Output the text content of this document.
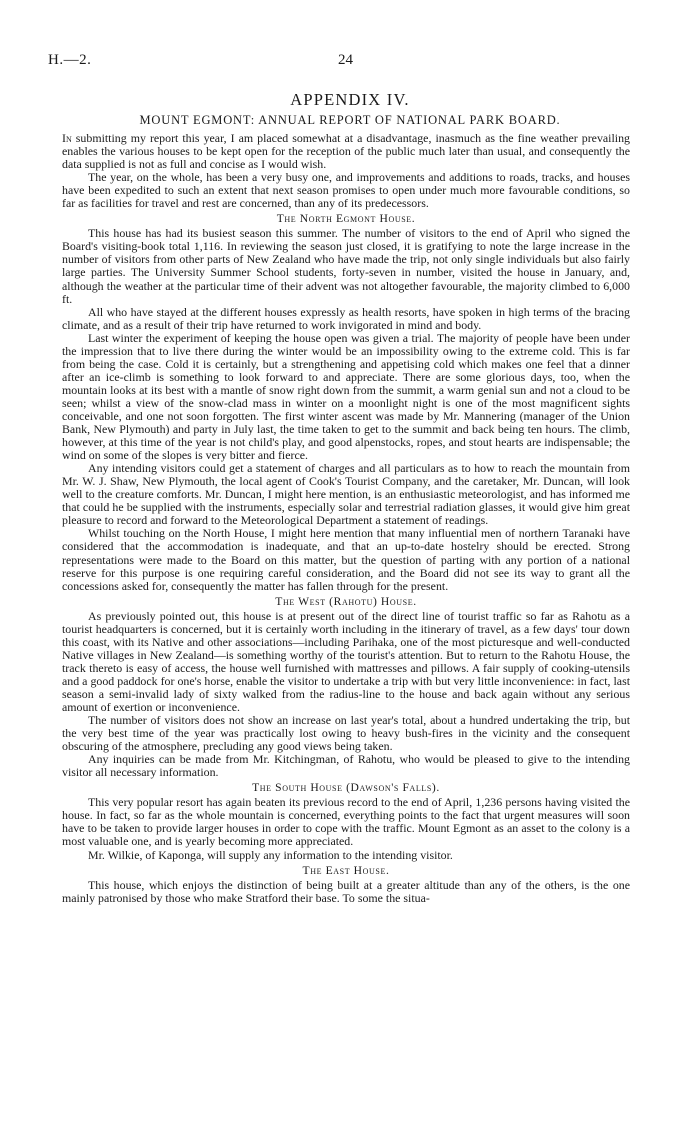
H.—2.	24
APPENDIX IV.
MOUNT EGMONT: ANNUAL REPORT OF NATIONAL PARK BOARD.

In submitting my report this year, I am placed somewhat at a disadvantage, inasmuch as the fine weather prevailing enables the various houses to be kept open for the reception of the public much later than usual, and consequently the data supplied is not as full and concise as I would wish.

The year, on the whole, has been a very busy one, and improvements and additions to roads, tracks, and houses have been expedited to such an extent that next season promises to open under much more favourable conditions, so far as facilities for travel and rest are concerned, than any of its predecessors.

The North Egmont House.

This house has had its busiest season this summer. The number of visitors to the end of April who signed the Board's visiting-book total 1,116. In reviewing the season just closed, it is gratifying to note the large increase in the number of visitors from other parts of New Zealand who have made the trip, not only single individuals but also fairly large parties. The University Summer School students, forty-seven in number, visited the house in January, and, although the weather at the particular time of their advent was not altogether favourable, the majority climbed to 6,000 ft.

All who have stayed at the different houses expressly as health resorts, have spoken in high terms of the bracing climate, and as a result of their trip have returned to work invigorated in mind and body.

Last winter the experiment of keeping the house open was given a trial. The majority of people have been under the impression that to live there during the winter would be an impossibility owing to the extreme cold. This is far from being the case. Cold it is certainly, but a strengthening and appetising cold which makes one feel that a dinner after an ice-climb is something to look forward to and appreciate. There are some glorious days, too, when the mountain looks at its best with a mantle of snow right down from the summit, a warm genial sun and not a cloud to be seen; whilst a view of the snow-clad mass in winter on a moonlight night is one of the most magnificent sights conceivable, and one not soon forgotten. The first winter ascent was made by Mr. Mannering (manager of the Union Bank, New Plymouth) and party in July last, the time taken to get to the summit and back being ten hours. The climb, however, at this time of the year is not child's play, and good alpenstocks, ropes, and stout hearts are indispensable; the wind on some of the slopes is very bitter and fierce.

Any intending visitors could get a statement of charges and all particulars as to how to reach the mountain from Mr. W. J. Shaw, New Plymouth, the local agent of Cook's Tourist Company, and the caretaker, Mr. Duncan, will look well to the creature comforts. Mr. Duncan, I might here mention, is an enthusiastic meteorologist, and has informed me that could he be supplied with the instruments, especially solar and terrestrial radiation glasses, it would give him great pleasure to record and forward to the Meteorological Department a statement of readings.

Whilst touching on the North House, I might here mention that many influential men of northern Taranaki have considered that the accommodation is inadequate, and that an up-to-date hostelry should be erected. Strong representations were made to the Board on this matter, but the question of parting with any portion of a national reserve for this purpose is one requiring careful consideration, and the Board did not see its way to grant all the concessions asked for, consequently the matter has fallen through for the present.

The West (Rahotu) House.

As previously pointed out, this house is at present out of the direct line of tourist traffic so far as Rahotu as a tourist headquarters is concerned, but it is certainly worth including in the itinerary of travel, as a few days' tour down this coast, with its Native and other associations—including Parihaka, one of the most picturesque and well-conducted Native villages in New Zealand—is something worthy of the tourist's attention. But to return to the Rahotu House, the track thereto is easy of access, the house well furnished with mattresses and pillows. A fair supply of cooking-utensils and a good paddock for one's horse, enable the visitor to undertake a trip with but very little inconvenience: in fact, last season a semi-invalid lady of sixty walked from the radius-line to the house and back again without any serious amount of exertion or inconvenience.

The number of visitors does not show an increase on last year's total, about a hundred undertaking the trip, but the very best time of the year was practically lost owing to heavy bush-fires in the vicinity and the consequent obscuring of the atmosphere, precluding any good views being taken.

Any inquiries can be made from Mr. Kitchingman, of Rahotu, who would be pleased to give to the intending visitor all necessary information.

The South House (Dawson's Falls).

This very popular resort has again beaten its previous record to the end of April, 1,236 persons having visited the house. In fact, so far as the whole mountain is concerned, everything points to the fact that urgent measures will soon have to be taken to provide larger houses in order to cope with the traffic. Mount Egmont as an asset to the colony is a most valuable one, and is yearly becoming more appreciated.

Mr. Wilkie, of Kaponga, will supply any information to the intending visitor.

The East House.

This house, which enjoys the distinction of being built at a greater altitude than any of the others, is the one mainly patronised by those who make Stratford their base. To some the situa-
